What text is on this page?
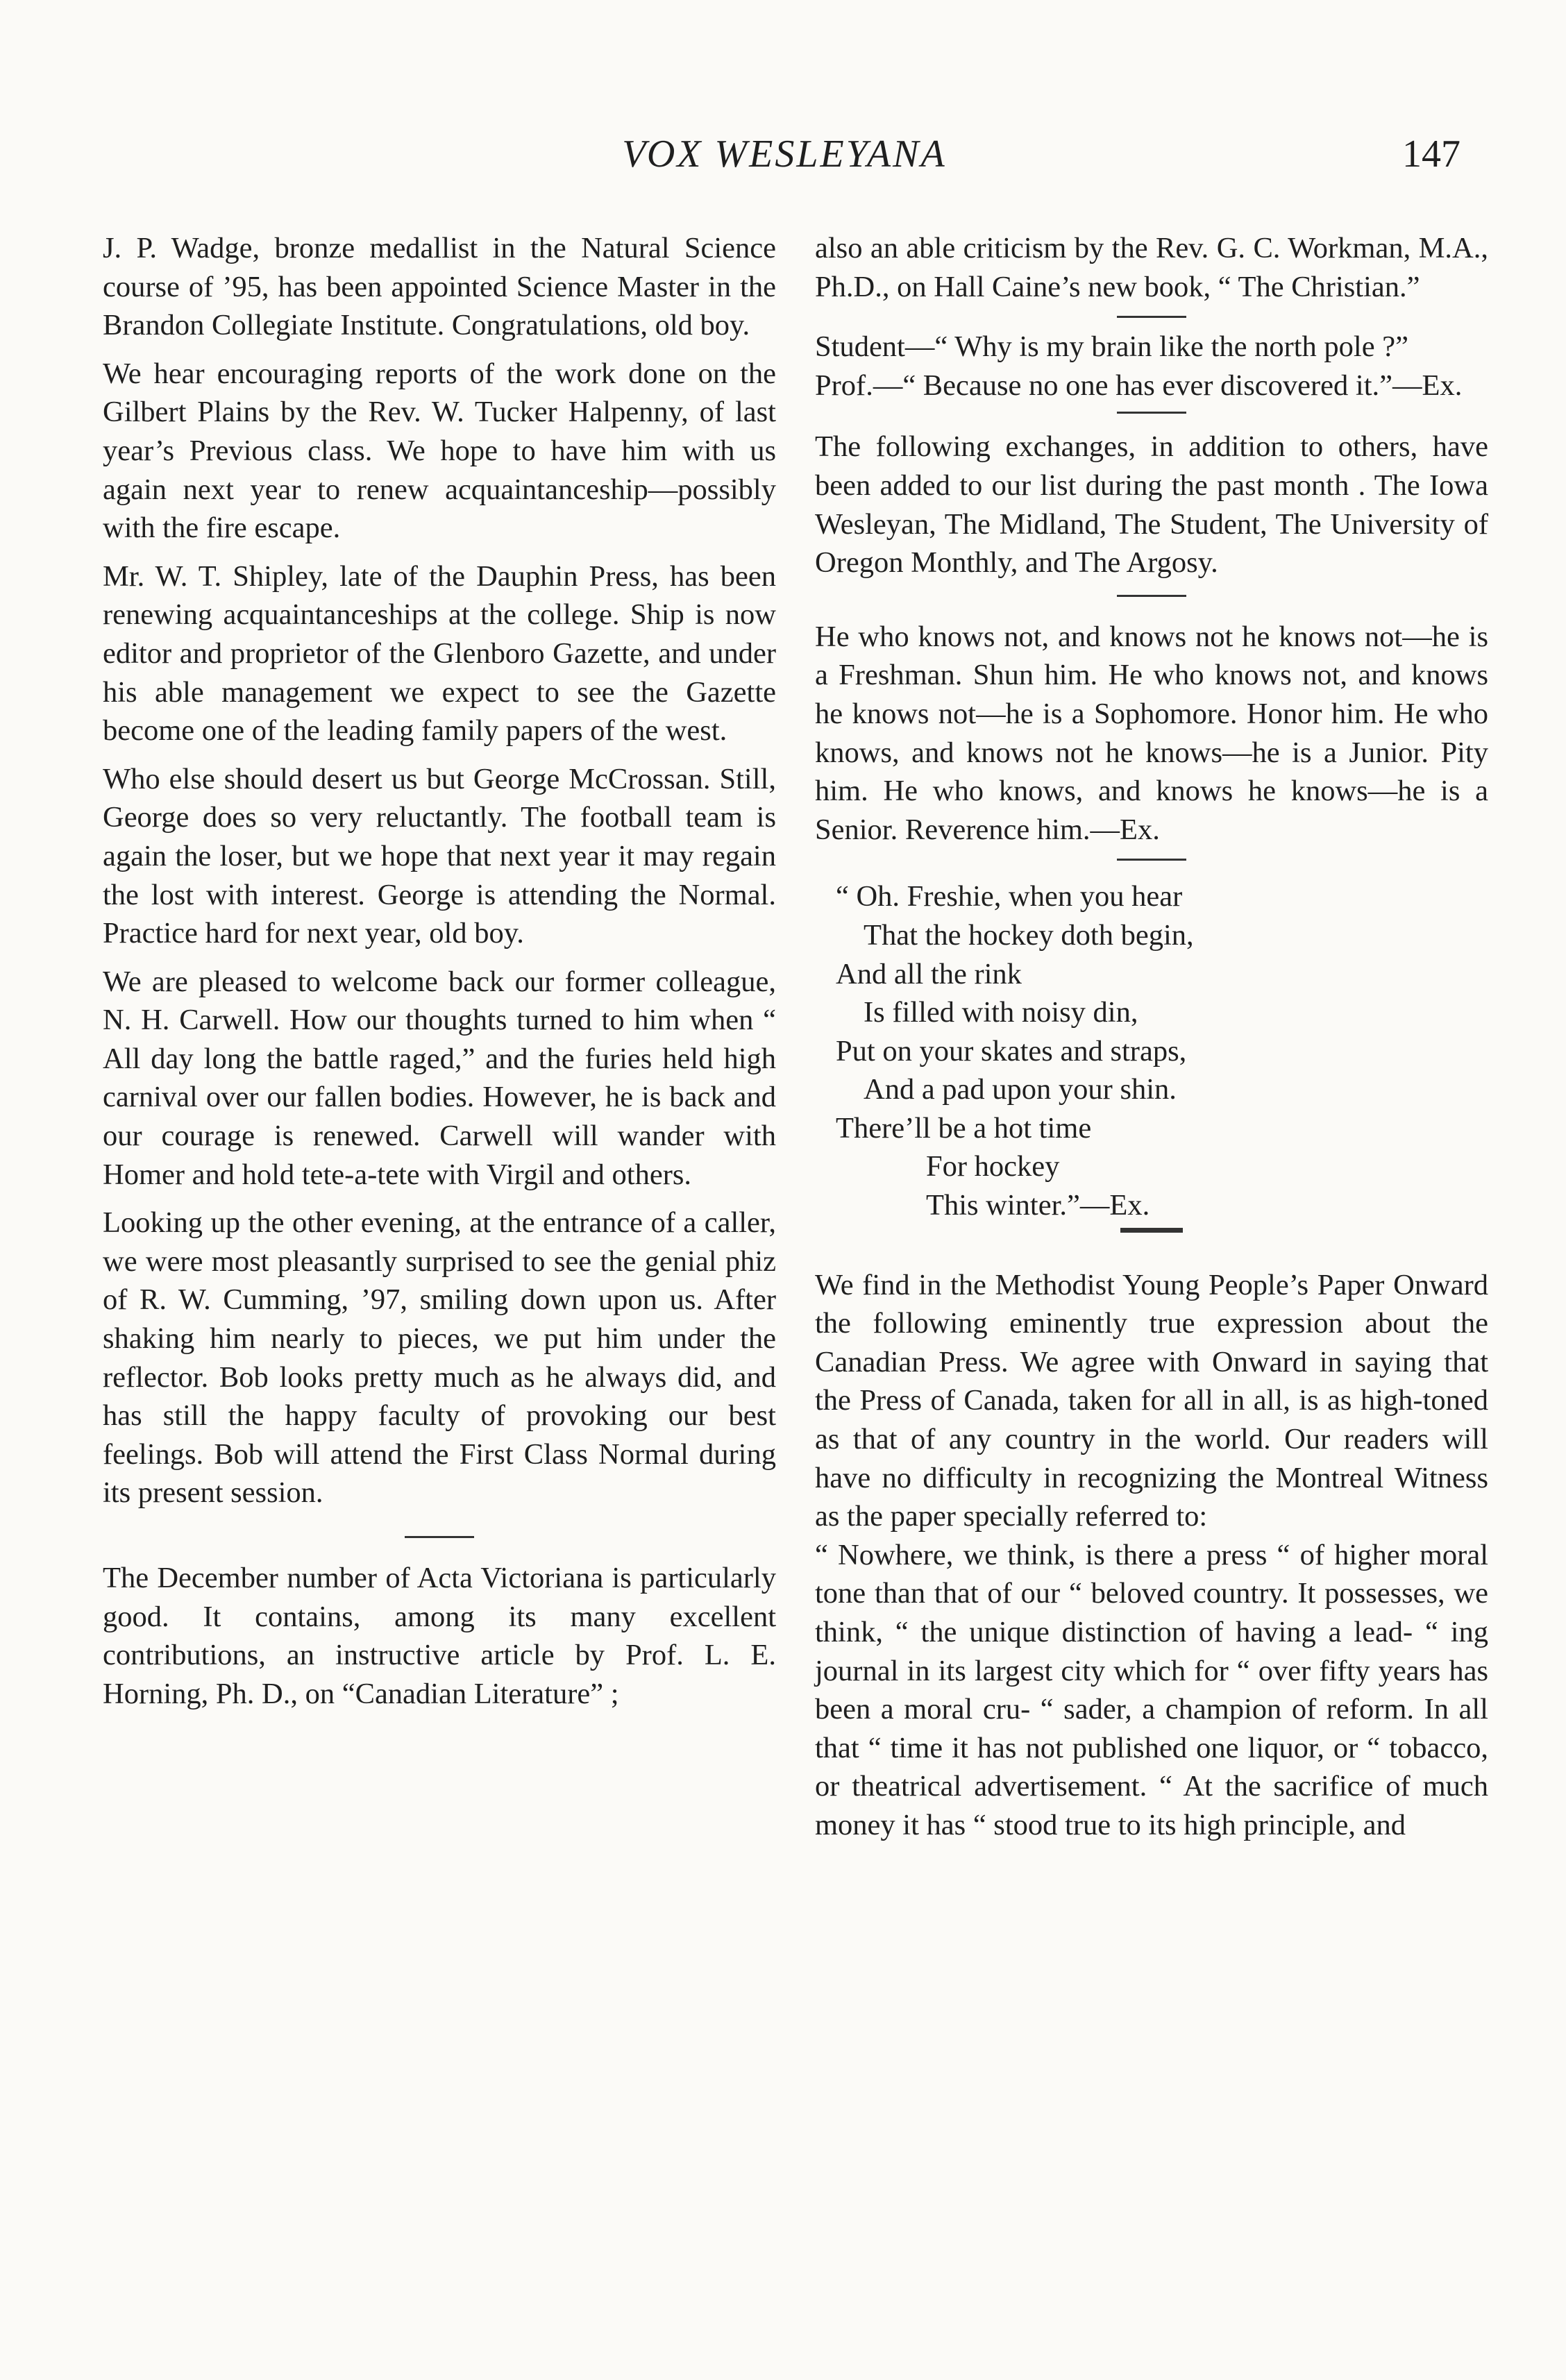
VOX WESLEYANA	147

J. P. Wadge, bronze medallist in the Natural Science course of ’95, has been appointed Science Master in the Brandon Collegiate Institute. Congratulations, old boy.

We hear encouraging reports of the work done on the Gilbert Plains by the Rev. W. Tucker Halpenny, of last year’s Previous class. We hope to have him with us again next year to renew acquaintanceship—possibly with the fire escape.

Mr. W. T. Shipley, late of the Dauphin Press, has been renewing acquaintanceships at the college. Ship is now editor and proprietor of the Glenboro Gazette, and under his able management we expect to see the Gazette become one of the leading family papers of the west.

Who else should desert us but George McCrossan. Still, George does so very reluctantly. The football team is again the loser, but we hope that next year it may regain the lost with interest. George is attending the Normal. Practice hard for next year, old boy.

We are pleased to welcome back our former colleague, N. H. Carwell. How our thoughts turned to him when “ All day long the battle raged,” and the furies held high carnival over our fallen bodies. However, he is back and our courage is renewed. Carwell will wander with Homer and hold tete-a-tete with Virgil and others.

Looking up the other evening, at the entrance of a caller, we were most pleasantly surprised to see the genial phiz of R. W. Cumming, ’97, smiling down upon us. After shaking him nearly to pieces, we put him under the reflector. Bob looks pretty much as he always did, and has still the happy faculty of provoking our best feelings. Bob will attend the First Class Normal during its present session.

The December number of Acta Victoriana is particularly good. It contains, among its many excellent contributions, an instructive article by Prof. L. E. Horning, Ph. D., on “Canadian Literature” ;

also an able criticism by the Rev. G. C. Workman, M.A., Ph.D., on Hall Caine’s new book, “ The Christian.”

Student—“ Why is my brain like the north pole ?”

Prof.—“ Because no one has ever discovered it.”—Ex.

The following exchanges, in addition to others, have been added to our list during the past month . The Iowa Wesleyan, The Midland, The Student, The University of Oregon Monthly, and The Argosy.

He who knows not, and knows not he knows not—he is a Freshman. Shun him. He who knows not, and knows he knows not—he is a Sophomore. Honor him. He who knows, and knows not he knows—he is a Junior. Pity him. He who knows, and knows he knows—he is a Senior. Reverence him.—Ex.

“ Oh. Freshie, when you hear
That the hockey doth begin,
And all the rink
Is filled with noisy din,
Put on your skates and straps,
And a pad upon your shin.
There’ll be a hot time
For hockey
This winter.”—Ex.

We find in the Methodist Young People’s Paper Onward the following eminently true expression about the Canadian Press. We agree with Onward in saying that the Press of Canada, taken for all in all, is as high-toned as that of any country in the world. Our readers will have no difficulty in recognizing the Montreal Witness as the paper specially referred to:

“ Nowhere, we think, is there a press “ of higher moral tone than that of our “ beloved country. It possesses, we think, “ the unique distinction of having a lead- “ ing journal in its largest city which for “ over fifty years has been a moral cru- “ sader, a champion of reform. In all that “ time it has not published one liquor, or “ tobacco, or theatrical advertisement. “ At the sacrifice of much money it has “ stood true to its high principle, and
